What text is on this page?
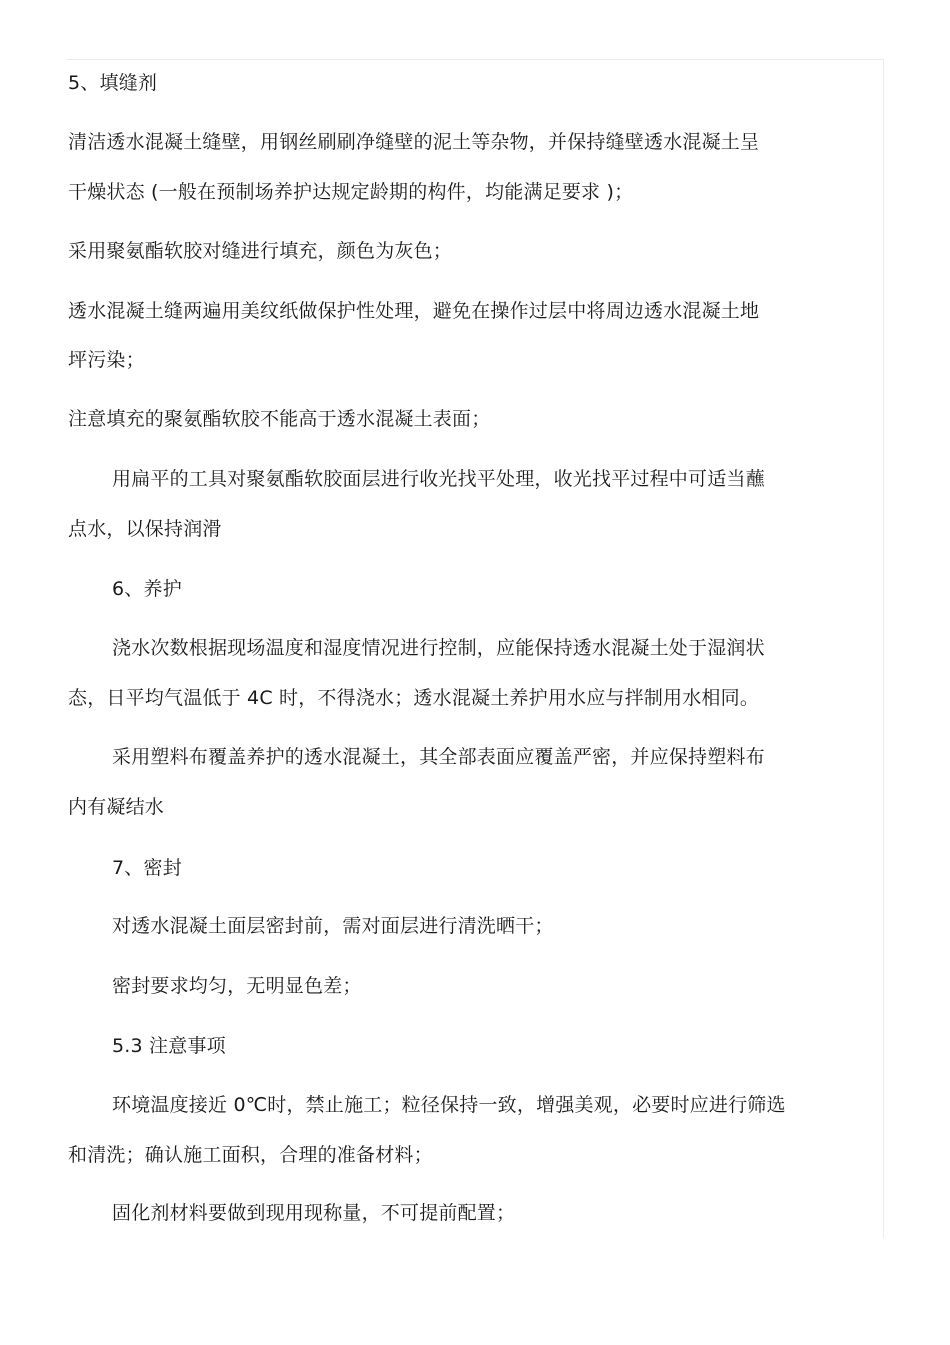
5、填缝剂
清洁透水混凝土缝壁，用钢丝刷刷净缝壁的泥土等杂物，并保持缝壁透水混凝土呈
干燥状态 (一般在预制场养护达规定龄期的构件，均能满足要求 )；
采用聚氨酯软胶对缝进行填充，颜色为灰色；
透水混凝土缝两遍用美纹纸做保护性处理，避免在操作过层中将周边透水混凝土地
坪污染；
注意填充的聚氨酯软胶不能高于透水混凝土表面；
用扁平的工具对聚氨酯软胶面层进行收光找平处理，收光找平过程中可适当蘸
点水，以保持润滑
6、养护
浇水次数根据现场温度和湿度情况进行控制，应能保持透水混凝土处于湿润状
态，日平均气温低于 4C 时，不得浇水；透水混凝土养护用水应与拌制用水相同。
采用塑料布覆盖养护的透水混凝土，其全部表面应覆盖严密，并应保持塑料布
内有凝结水
7、密封
对透水混凝土面层密封前，需对面层进行清洗晒干；
密封要求均匀，无明显色差；
5.3 注意事项
环境温度接近 0℃时，禁止施工；粒径保持一致，增强美观，必要时应进行筛选
和清洗；确认施工面积，合理的准备材料；
固化剂材料要做到现用现称量，不可提前配置；
